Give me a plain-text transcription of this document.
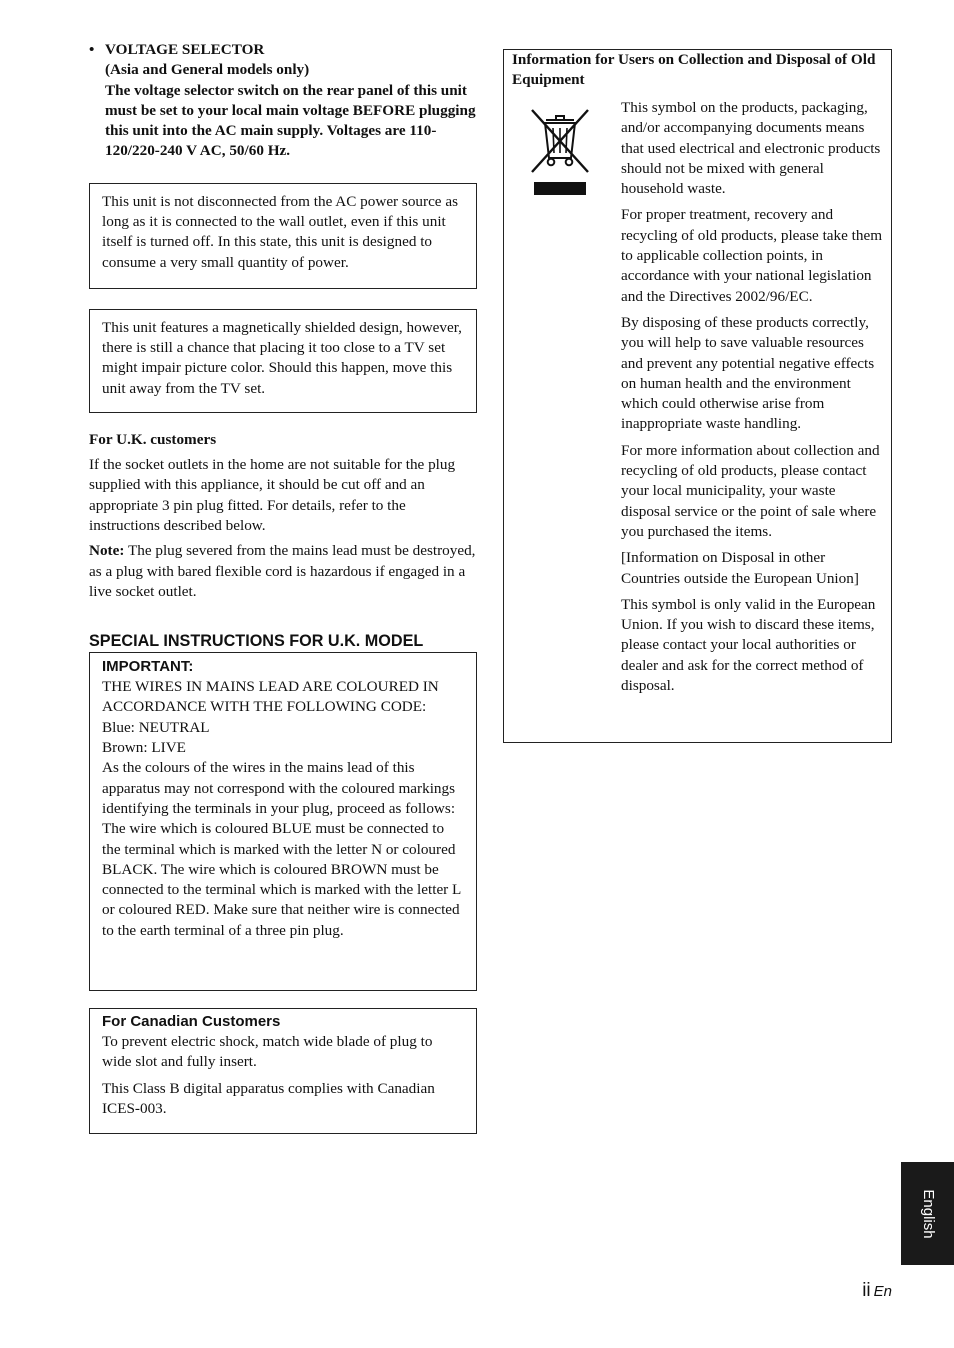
• VOLTAGE SELECTOR

(Asia and General models only)

The voltage selector switch on the rear panel of this unit must be set to your local main voltage BEFORE plugging this unit into the AC main supply. Voltages are 110-120/220-240 V AC, 50/60 Hz.

This unit is not disconnected from the AC power source as long as it is connected to the wall outlet, even if this unit itself is turned off. In this state, this unit is designed to consume a very small quantity of power.

This unit features a magnetically shielded design, however, there is still a chance that placing it too close to a TV set might impair picture color. Should this happen, move this unit away from the TV set.

For U.K. customers

If the socket outlets in the home are not suitable for the plug supplied with this appliance, it should be cut off and an appropriate 3 pin plug fitted. For details, refer to the instructions described below.

Note: The plug severed from the mains lead must be destroyed, as a plug with bared flexible cord is hazardous if engaged in a live socket outlet.

SPECIAL INSTRUCTIONS FOR U.K. MODEL

IMPORTANT:

THE WIRES IN MAINS LEAD ARE COLOURED IN ACCORDANCE WITH THE FOLLOWING CODE:

Blue: NEUTRAL

Brown: LIVE

As the colours of the wires in the mains lead of this apparatus may not correspond with the coloured markings identifying the terminals in your plug, proceed as follows: The wire which is coloured BLUE must be connected to the terminal which is marked with the letter N or coloured BLACK. The wire which is coloured BROWN must be connected to the terminal which is marked with the letter L or coloured RED. Make sure that neither wire is connected to the earth terminal of a three pin plug.

For Canadian Customers

To prevent electric shock, match wide blade of plug to wide slot and fully insert.

This Class B digital apparatus complies with Canadian ICES-003.

Information for Users on Collection and Disposal of Old Equipment

This symbol on the products, packaging, and/or accompanying documents means that used electrical and electronic products should not be mixed with general household waste.

For proper treatment, recovery and recycling of old products, please take them to applicable collection points, in accordance with your national legislation and the Directives 2002/96/EC.

By disposing of these products correctly, you will help to save valuable resources and prevent any potential negative effects on human health and the environment which could otherwise arise from inappropriate waste handling.

For more information about collection and recycling of old products, please contact your local municipality, your waste disposal service or the point of sale where you purchased the items.

[Information on Disposal in other Countries outside the European Union]

This symbol is only valid in the European Union. If you wish to discard these items, please contact your local authorities or dealer and ask for the correct method of disposal.

English
ii En
